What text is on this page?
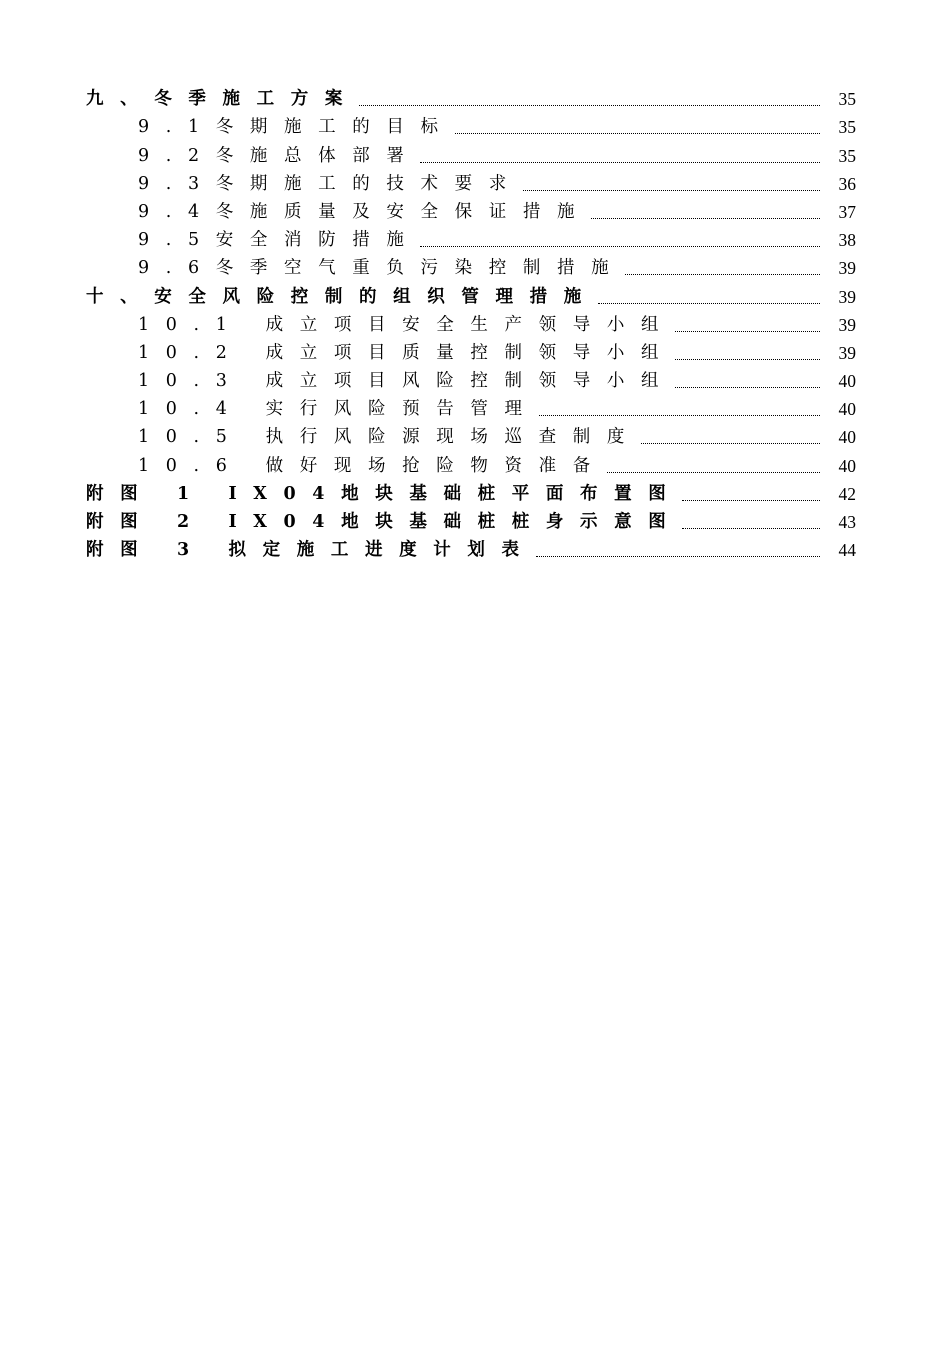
九、冬季施工方案	35
9.1冬期施工的目标	35
9.2冬施总体部署	35
9.3冬期施工的技术要求	36
9.4冬施质量及安全保证措施	37
9.5安全消防措施	38
9.6冬季空气重负污染控制措施	39
十、安全风险控制的组织管理措施	39
10.1 成立项目安全生产领导小组	39
10.2 成立项目质量控制领导小组	39
10.3 成立项目风险控制领导小组	40
10.4 实行风险预告管理	40
10.5 执行风险源现场巡查制度	40
10.6 做好现场抢险物资准备	40
附图 1 IX04地块基础桩平面布置图	42
附图 2 IX04地块基础桩桩身示意图	43
附图 3 拟定施工进度计划表	44
